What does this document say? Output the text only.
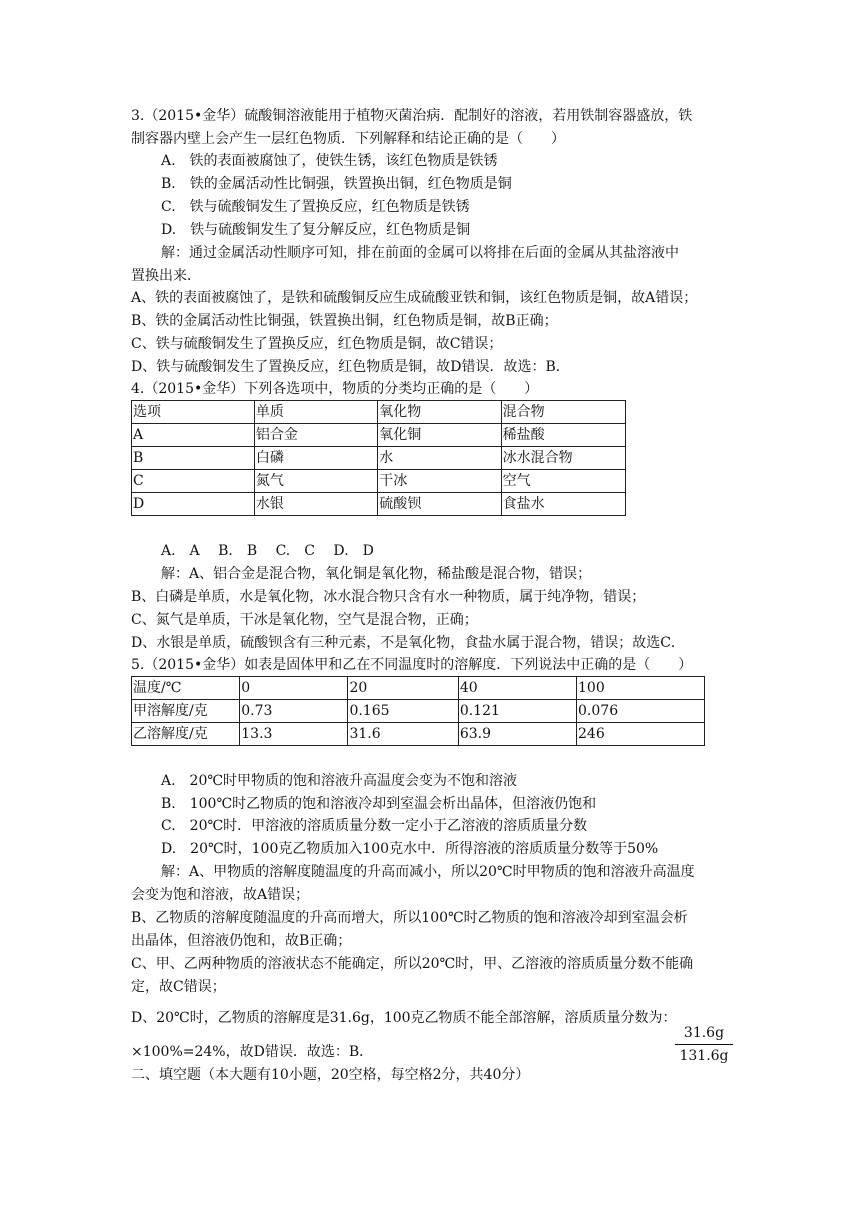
3.（2015•金华）硫酸铜溶液能用于植物灭菌治病．配制好的溶液，若用铁制容器盛放，铁
制容器内壁上会产生一层红色物质．下列解释和结论正确的是（　　）
A.　铁的表面被腐蚀了，使铁生锈，该红色物质是铁锈
B.　铁的金属活动性比铜强，铁置换出铜，红色物质是铜
C.　铁与硫酸铜发生了置换反应，红色物质是铁锈
D.　铁与硫酸铜发生了复分解反应，红色物质是铜
解：通过金属活动性顺序可知，排在前面的金属可以将排在后面的金属从其盐溶液中
置换出来．
A、铁的表面被腐蚀了，是铁和硫酸铜反应生成硫酸亚铁和铜，该红色物质是铜，故A错误；
B、铁的金属活动性比铜强，铁置换出铜，红色物质是铜，故B正确；
C、铁与硫酸铜发生了置换反应，红色物质是铜，故C错误；
D、铁与硫酸铜发生了置换反应，红色物质是铜，故D错误．故选：B．
4.（2015•金华）下列各选项中，物质的分类均正确的是（　　）
选项	单质	氧化物	混合物
A	铝合金	氧化铜	稀盐酸
B	白磷	水	冰水混合物
C	氮气	干冰	空气
D	水银	硫酸钡	食盐水
A.　A　 B.　B　 C.　C　 D.　D
解：A、铝合金是混合物，氧化铜是氧化物，稀盐酸是混合物，错误；
B、白磷是单质，水是氧化物，冰水混合物只含有水一种物质，属于纯净物，错误；
C、氮气是单质，干冰是氧化物，空气是混合物，正确；
D、水银是单质，硫酸钡含有三种元素，不是氧化物，食盐水属于混合物，错误；故选C．
5.（2015•金华）如表是固体甲和乙在不同温度时的溶解度．下列说法中正确的是（　　）
温度/℃	0	20	40	100
甲溶解度/克	0.73	0.165	0.121	0.076
乙溶解度/克	13.3	31.6	63.9	246
A.　20℃时甲物质的饱和溶液升高温度会变为不饱和溶液
B.　100℃时乙物质的饱和溶液冷却到室温会析出晶体，但溶液仍饱和
C.　20℃时．甲溶液的溶质质量分数一定小于乙溶液的溶质质量分数
D.　20℃时，100克乙物质加入100克水中．所得溶液的溶质质量分数等于50%
解：A、甲物质的溶解度随温度的升高而减小，所以20℃时甲物质的饱和溶液升高温度
会变为饱和溶液，故A错误；
B、乙物质的溶解度随温度的升高而增大，所以100℃时乙物质的饱和溶液冷却到室温会析
出晶体，但溶液仍饱和，故B正确；
C、甲、乙两种物质的溶液状态不能确定，所以20℃时，甲、乙溶液的溶质质量分数不能确
定，故C错误；
D、20℃时，乙物质的溶解度是31.6g，100克乙物质不能全部溶解，溶质质量分数为：
31.6g
131.6g
×100%=24%，故D错误．故选：B．
二、填空题（本大题有10小题，20空格，每空格2分，共40分）
